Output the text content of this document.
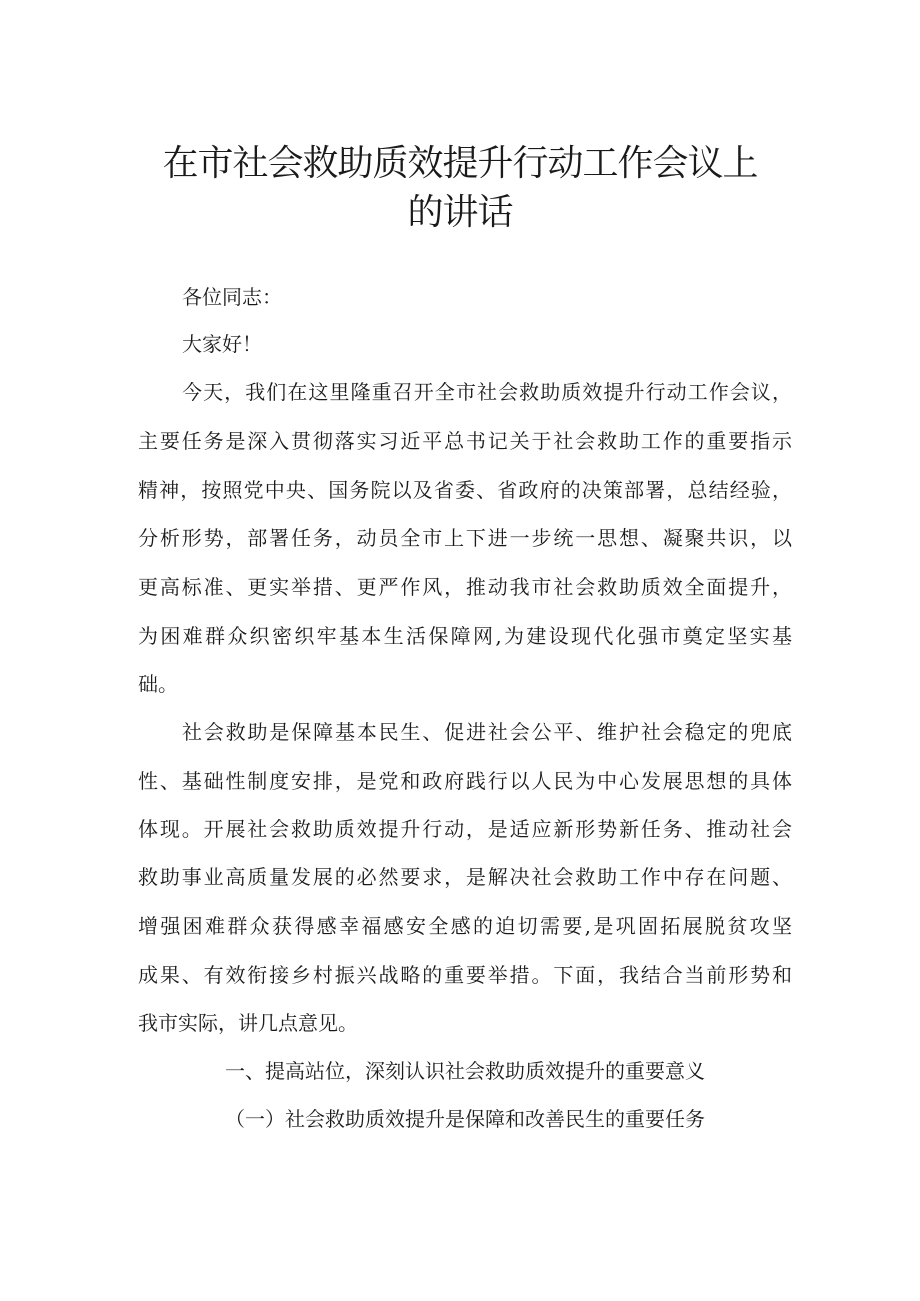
在市社会救助质效提升行动工作会议上
的讲话

各位同志：

大家好！

今天，我们在这里隆重召开全市社会救助质效提升行动工作会议，

主要任务是深入贯彻落实习近平总书记关于社会救助工作的重要指示

精神，按照党中央、国务院以及省委、省政府的决策部署，总结经验，

分析形势，部署任务，动员全市上下进一步统一思想、凝聚共识，以

更高标准、更实举措、更严作风，推动我市社会救助质效全面提升，

为困难群众织密织牢基本生活保障网,为建设现代化强市奠定坚实基

础。

社会救助是保障基本民生、促进社会公平、维护社会稳定的兜底

性、基础性制度安排，是党和政府践行以人民为中心发展思想的具体

体现。开展社会救助质效提升行动，是适应新形势新任务、推动社会

救助事业高质量发展的必然要求，是解决社会救助工作中存在问题、

增强困难群众获得感幸福感安全感的迫切需要,是巩固拓展脱贫攻坚

成果、有效衔接乡村振兴战略的重要举措。下面，我结合当前形势和

我市实际，讲几点意见。

一、提高站位，深刻认识社会救助质效提升的重要意义

（一）社会救助质效提升是保障和改善民生的重要任务
